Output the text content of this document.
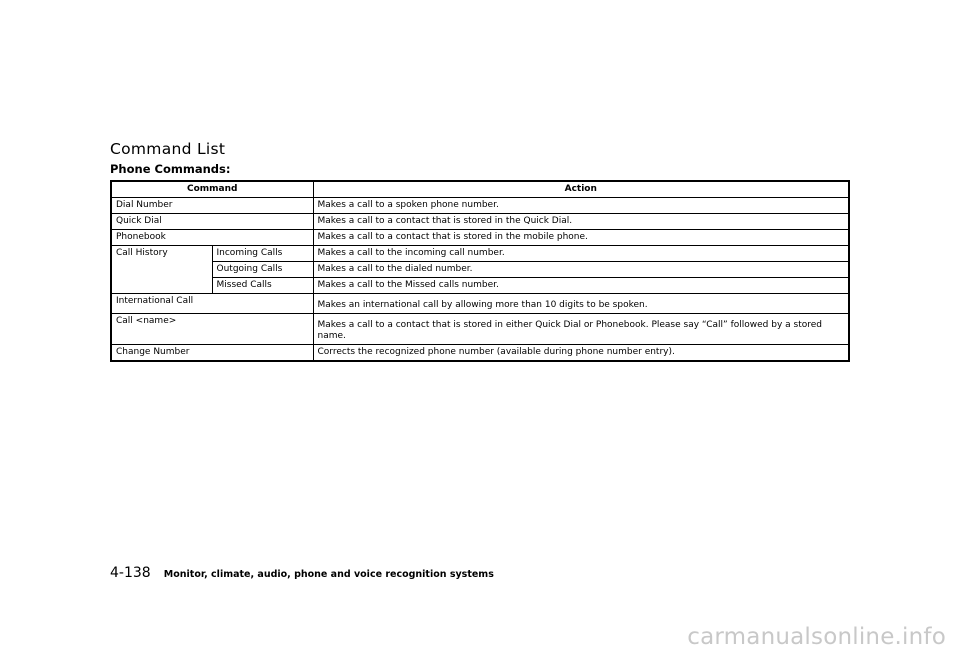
Command List
Phone Commands:
Command		Action
Dial Number		Makes a call to a spoken phone number.
Quick Dial		Makes a call to a contact that is stored in the Quick Dial.
Phonebook		Makes a call to a contact that is stored in the mobile phone.
Call History	Incoming Calls	Makes a call to the incoming call number.
	Outgoing Calls	Makes a call to the dialed number.
	Missed Calls	Makes a call to the Missed calls number.
International Call		Makes an international call by allowing more than 10 digits to be spoken.
Call <name>		Makes a call to a contact that is stored in either Quick Dial or Phonebook. Please say “Call” followed by a stored name.
Change Number		Corrects the recognized phone number (available during phone number entry).
4-138 Monitor, climate, audio, phone and voice recognition systems
carmanualsonline.info
